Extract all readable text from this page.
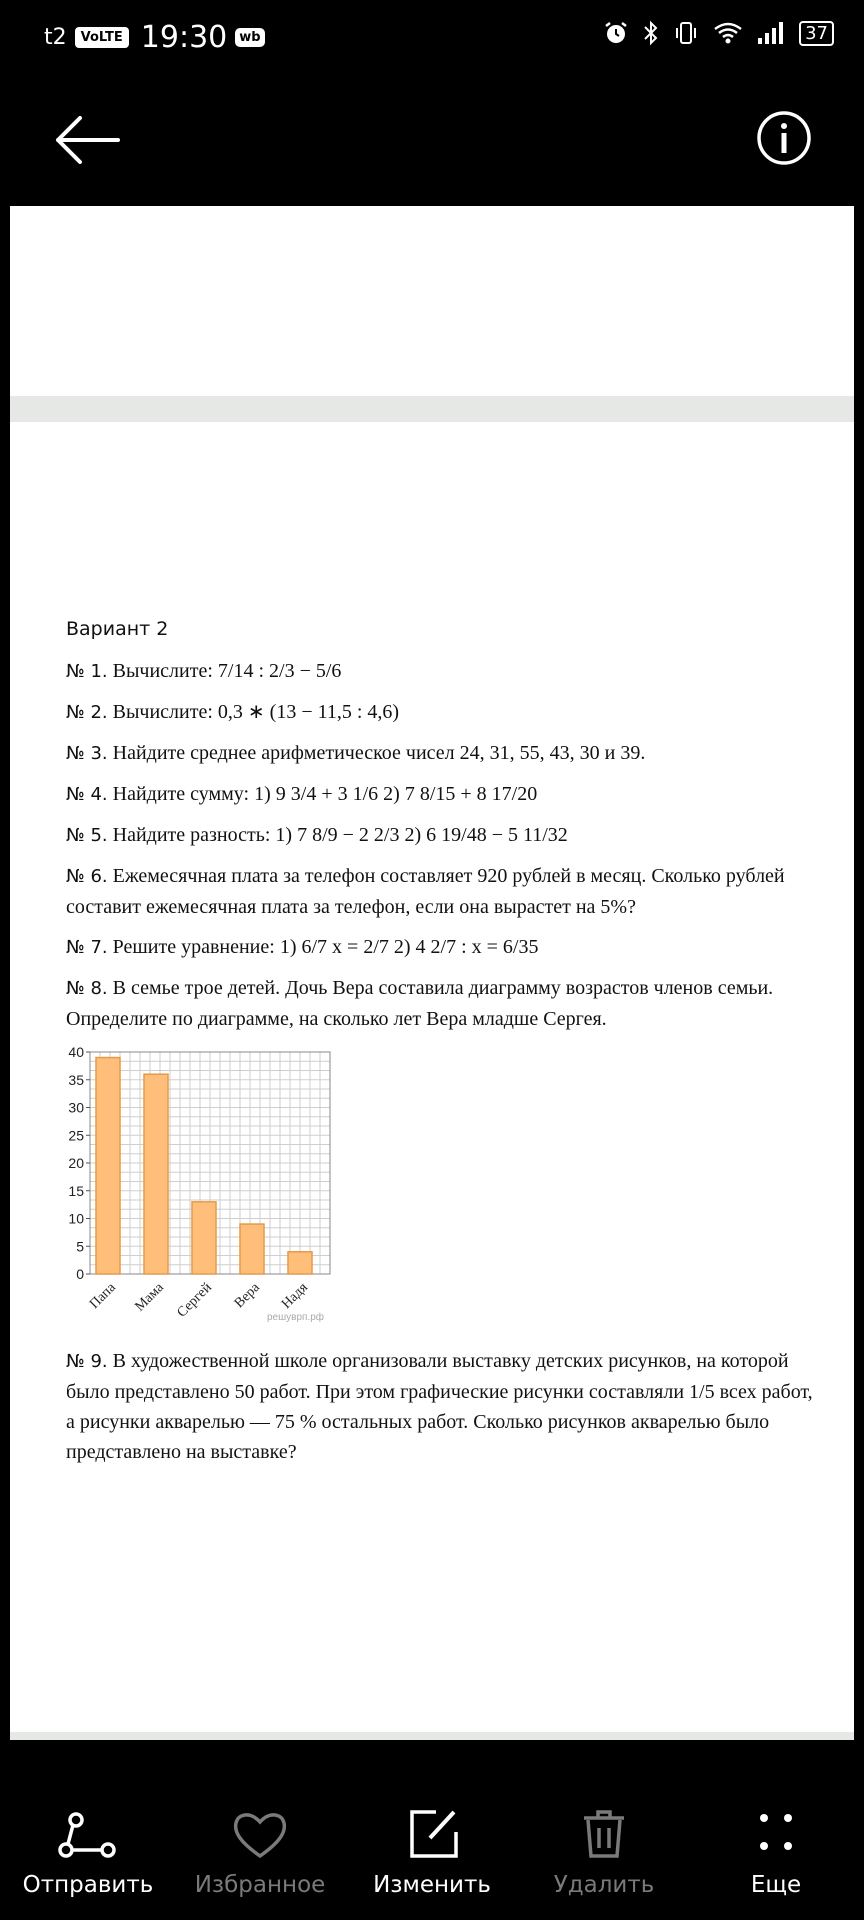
t2	VoLTE 19:30 wb	37
Вариант 2
№ 1. Вычислите: 7/14 : 2/3 − 5/6
№ 2. Вычислите: 0,3 ∗ (13 − 11,5 : 4,6)
№ 3. Найдите среднее арифметическое чисел 24, 31, 55, 43, 30 и 39.
№ 4. Найдите сумму: 1) 9 3/4 + 3 1/6 2) 7 8/15 + 8 17/20
№ 5. Найдите разность: 1) 7 8/9 − 2 2/3 2) 6 19/48 − 5 11/32
№ 6. Ежемесячная плата за телефон составляет 920 рублей в месяц. Сколько рублей составит ежемесячная плата за телефон, если она вырастет на 5%?
№ 7. Решите уравнение: 1) 6/7 x = 2/7 2) 4 2/7 : x = 6/35
№ 8. В семье трое детей. Дочь Вера составила диаграмму возрастов членов семьи. Определите по диаграмме, на сколько лет Вера младше Сергея.
0
5
10
15
20
25
30
35
40
Папа Мама Сергей Вера Надя
решуврп.рф
№ 9. В художественной школе организовали выставку детских рисунков, на которой было представлено 50 работ. При этом графические рисунки составляли 1/5 всех работ, а рисунки акварелью — 75 % остальных работ. Сколько рисунков акварелью было представлено на выставке?
Отправить	Избранное	Изменить	Удалить	Еще
